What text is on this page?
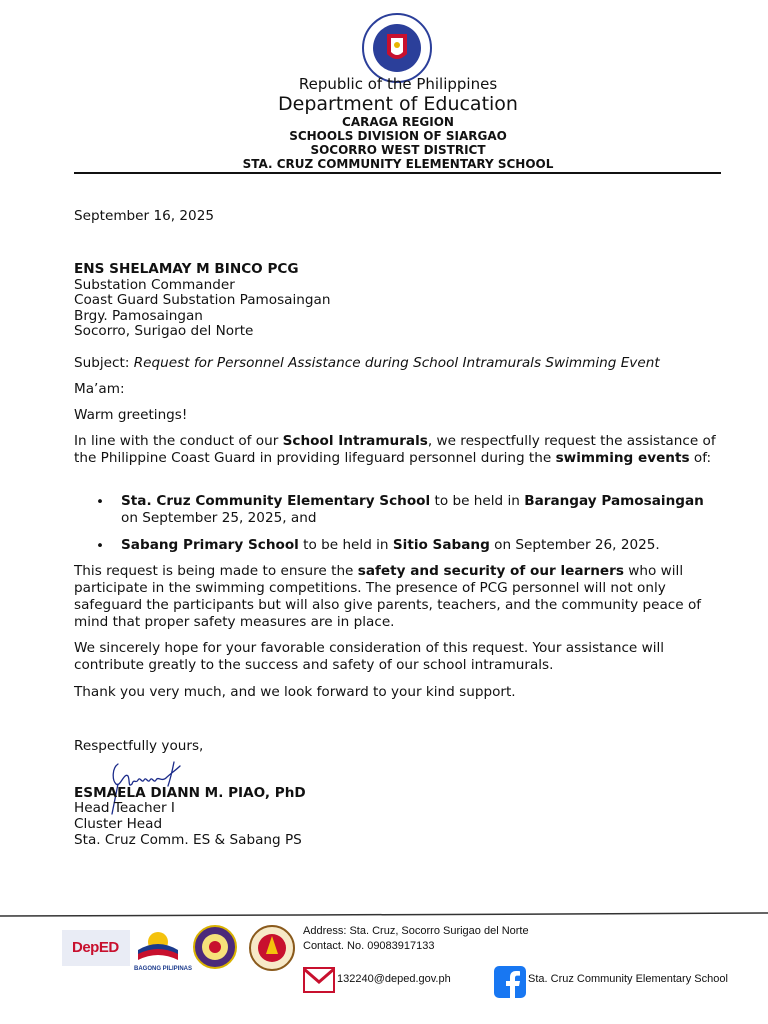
Republic of the Philippines
Department of Education
CARAGA REGION
SCHOOLS DIVISION OF SIARGAO
SOCORRO WEST DISTRICT
STA. CRUZ COMMUNITY ELEMENTARY SCHOOL
September 16, 2025
ENS SHELAMAY M BINCO PCG
Substation Commander
Coast Guard Substation Pamosaingan
Brgy. Pamosaingan
Socorro, Surigao del Norte
Subject: Request for Personnel Assistance during School Intramurals Swimming Event
Ma’am:
Warm greetings!
In line with the conduct of our School Intramurals, we respectfully request the assistance of the Philippine Coast Guard in providing lifeguard personnel during the swimming events of:
• Sta. Cruz Community Elementary School to be held in Barangay Pamosaingan on September 25, 2025, and
• Sabang Primary School to be held in Sitio Sabang on September 26, 2025.
This request is being made to ensure the safety and security of our learners who will participate in the swimming competitions. The presence of PCG personnel will not only safeguard the participants but will also give parents, teachers, and the community peace of mind that proper safety measures are in place.
We sincerely hope for your favorable consideration of this request. Your assistance will contribute greatly to the success and safety of our school intramurals.
Thank you very much, and we look forward to your kind support.
Respectfully yours,
ESMAELA DIANN M. PIAO, PhD
Head Teacher I
Cluster Head
Sta. Cruz Comm. ES & Sabang PS
DepED
BAGONG PILIPINAS
Address: Sta. Cruz, Socorro Surigao del Norte
Contact. No. 09083917133
132240@deped.gov.ph	Sta. Cruz Community Elementary School
